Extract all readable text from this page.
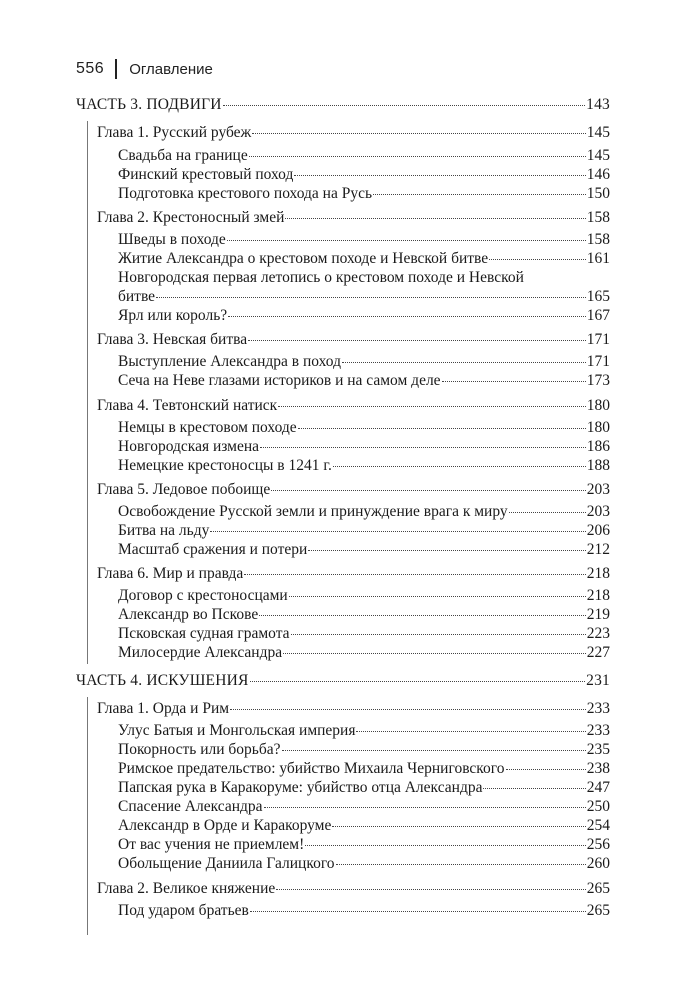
556 Оглавление
ЧАСТЬ 3. ПОДВИГИ	143
Глава 1. Русский рубеж	145
Свадьба на границе	145
Финский крестовый поход	146
Подготовка крестового похода на Русь	150
Глава 2. Крестоносный змей	158
Шведы в походе	158
Житие Александра о крестовом походе и Невской битве	161
Новгородская первая летопись о крестовом походе и Невской
битве	165
Ярл или король?	167
Глава 3. Невская битва	171
Выступление Александра в поход	171
Сеча на Неве глазами историков и на самом деле	173
Глава 4. Тевтонский натиск	180
Немцы в крестовом походе	180
Новгородская измена	186
Немецкие крестоносцы в 1241 г.	188
Глава 5. Ледовое побоище	203
Освобождение Русской земли и принуждение врага к миру	203
Битва на льду	206
Масштаб сражения и потери	212
Глава 6. Мир и правда	218
Договор с крестоносцами	218
Александр во Пскове	219
Псковская судная грамота	223
Милосердие Александра	227
ЧАСТЬ 4. ИСКУШЕНИЯ	231
Глава 1. Орда и Рим	233
Улус Батыя и Монгольская империя	233
Покорность или борьба?	235
Римское предательство: убийство Михаила Черниговского	238
Папская рука в Каракоруме: убийство отца Александра	247
Спасение Александра	250
Александр в Орде и Каракоруме	254
От вас учения не приемлем!	256
Обольщение Даниила Галицкого	260
Глава 2. Великое княжение	265
Под ударом братьев	265
